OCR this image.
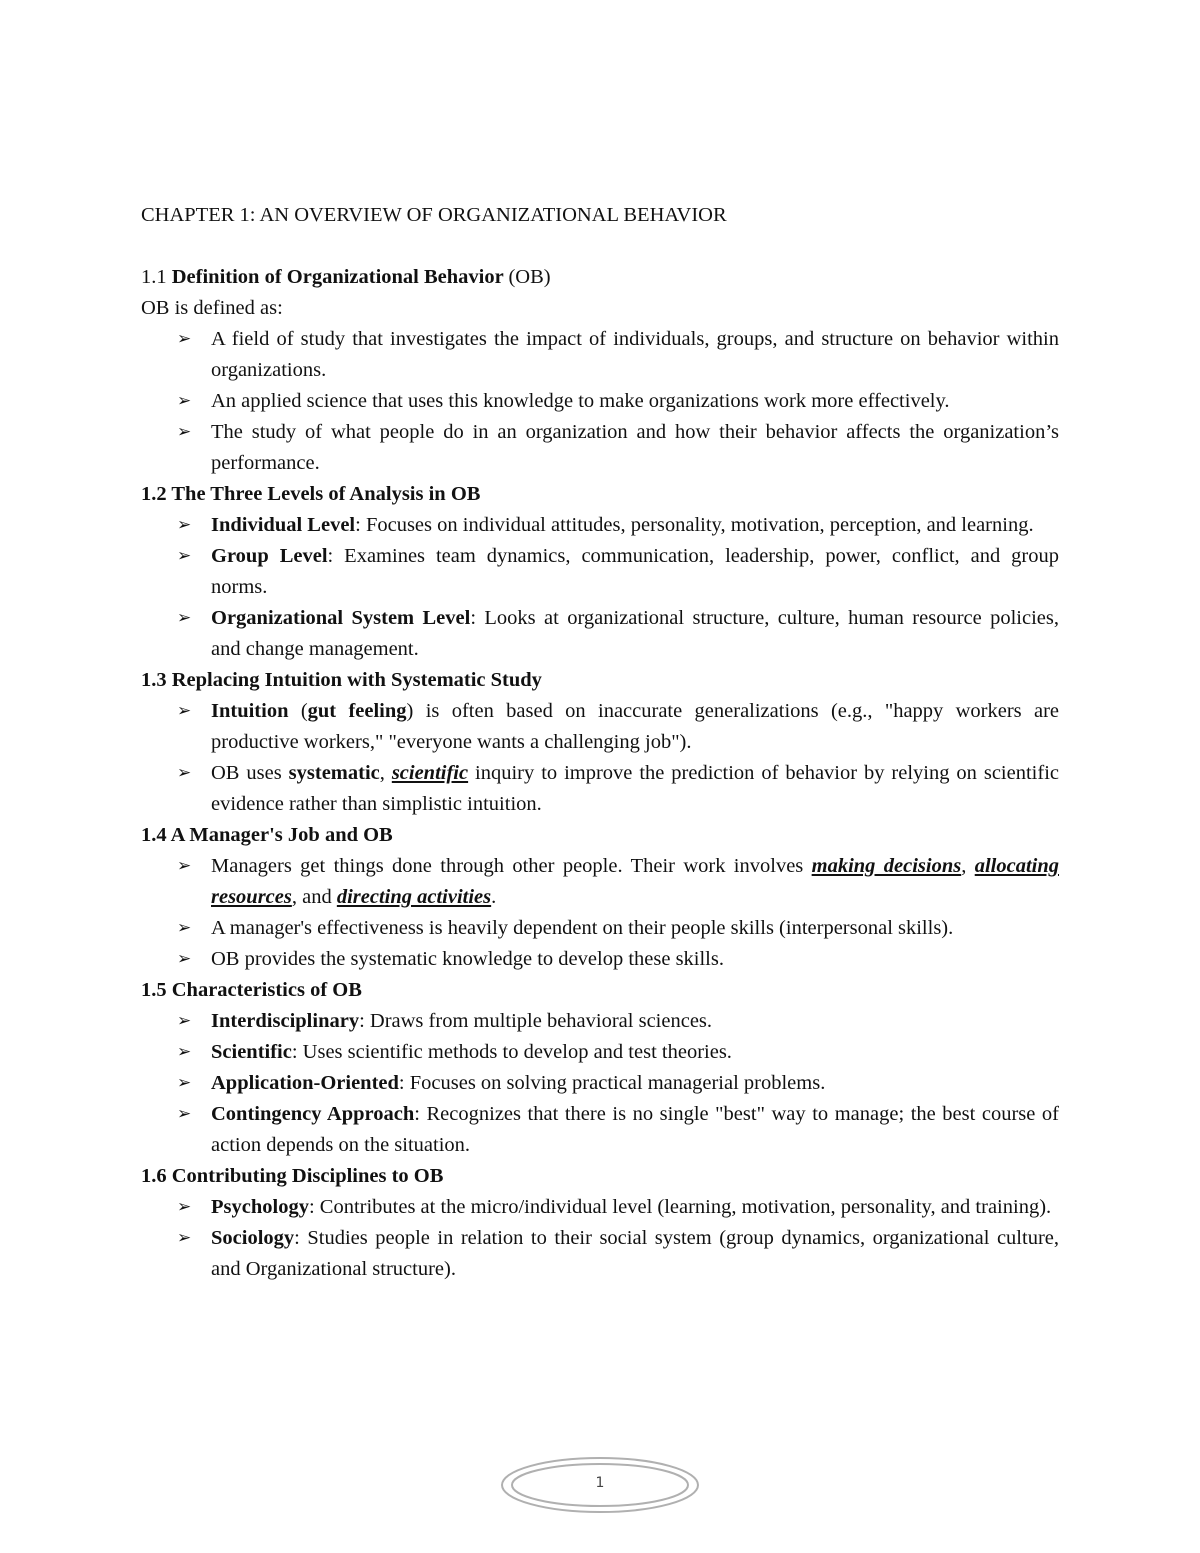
CHAPTER 1: AN OVERVIEW OF ORGANIZATIONAL BEHAVIOR

1.1 Definition of Organizational Behavior (OB)

OB is defined as:

➢ A field of study that investigates the impact of individuals, groups, and structure on behavior within organizations.
➢ An applied science that uses this knowledge to make organizations work more effectively.
➢ The study of what people do in an organization and how their behavior affects the organization’s performance.

1.2 The Three Levels of Analysis in OB

➢ Individual Level: Focuses on individual attitudes, personality, motivation, perception, and learning.
➢ Group Level: Examines team dynamics, communication, leadership, power, conflict, and group norms.
➢ Organizational System Level: Looks at organizational structure, culture, human resource policies, and change management.

1.3 Replacing Intuition with Systematic Study

➢ Intuition (gut feeling) is often based on inaccurate generalizations (e.g., "happy workers are productive workers," "everyone wants a challenging job").
➢ OB uses systematic, scientific inquiry to improve the prediction of behavior by relying on scientific evidence rather than simplistic intuition.

1.4 A Manager's Job and OB

➢ Managers get things done through other people. Their work involves making decisions, allocating resources, and directing activities.
➢ A manager's effectiveness is heavily dependent on their people skills (interpersonal skills).
➢ OB provides the systematic knowledge to develop these skills.

1.5 Characteristics of OB

➢ Interdisciplinary: Draws from multiple behavioral sciences.
➢ Scientific: Uses scientific methods to develop and test theories.
➢ Application-Oriented: Focuses on solving practical managerial problems.
➢ Contingency Approach: Recognizes that there is no single "best" way to manage; the best course of action depends on the situation.

1.6 Contributing Disciplines to OB

➢ Psychology: Contributes at the micro/individual level (learning, motivation, personality, and training).
➢ Sociology: Studies people in relation to their social system (group dynamics, organizational culture, and Organizational structure).
1
